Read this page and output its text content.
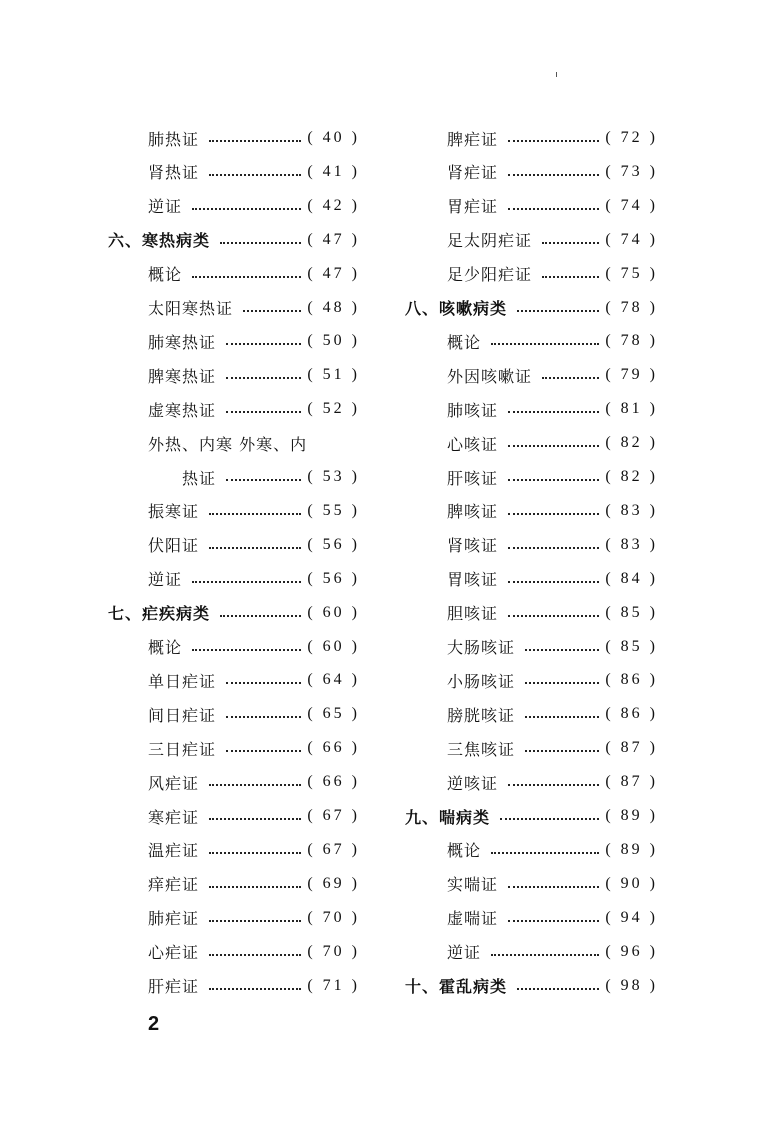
肺热证	( 40 )
肾热证	( 41 )
逆证	( 42 )
六、寒热病类	( 47 )
概论	( 47 )
太阳寒热证	( 48 )
肺寒热证	( 50 )
脾寒热证	( 51 )
虚寒热证	( 52 )
外热、内寒 外寒、内
热证	( 53 )
振寒证	( 55 )
伏阳证	( 56 )
逆证	( 56 )
七、疟疾病类	( 60 )
概论	( 60 )
单日疟证	( 64 )
间日疟证	( 65 )
三日疟证	( 66 )
风疟证	( 66 )
寒疟证	( 67 )
温疟证	( 67 )
痒疟证	( 69 )
肺疟证	( 70 )
心疟证	( 70 )
肝疟证	( 71 )
脾疟证	( 72 )
肾疟证	( 73 )
胃疟证	( 74 )
足太阴疟证	( 74 )
足少阳疟证	( 75 )
八、咳嗽病类	( 78 )
概论	( 78 )
外因咳嗽证	( 79 )
肺咳证	( 81 )
心咳证	( 82 )
肝咳证	( 82 )
脾咳证	( 83 )
肾咳证	( 83 )
胃咳证	( 84 )
胆咳证	( 85 )
大肠咳证	( 85 )
小肠咳证	( 86 )
膀胱咳证	( 86 )
三焦咳证	( 87 )
逆咳证	( 87 )
九、喘病类	( 89 )
概论	( 89 )
实喘证	( 90 )
虚喘证	( 94 )
逆证	( 96 )
十、霍乱病类	( 98 )
2
